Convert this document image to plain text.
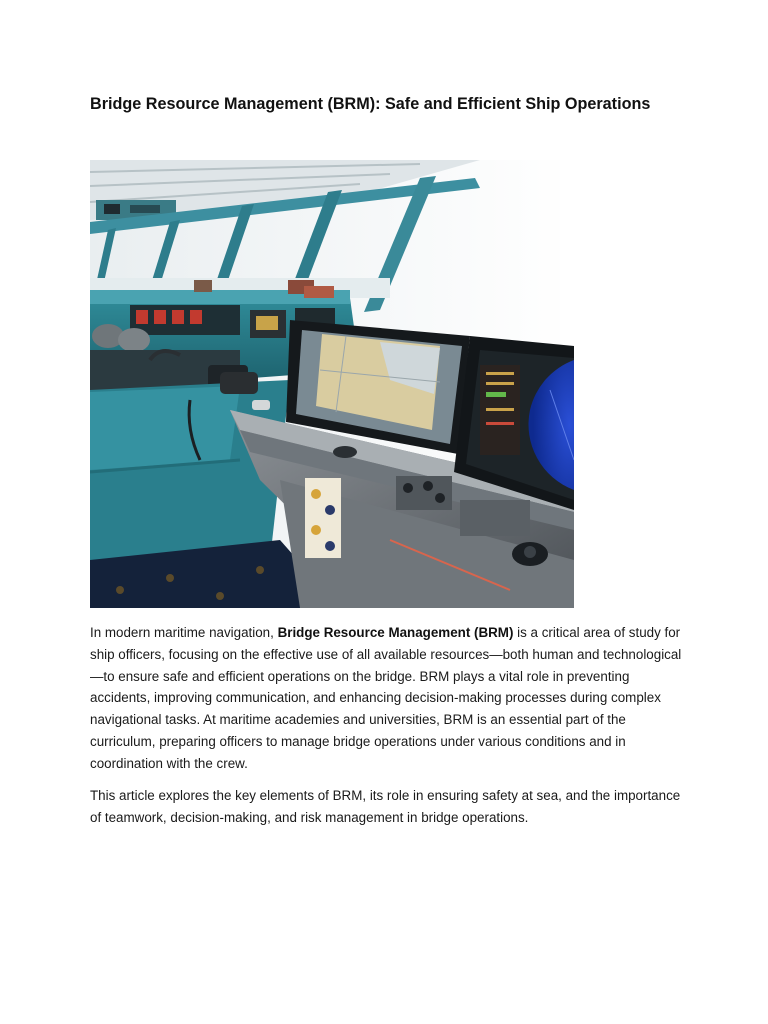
Bridge Resource Management (BRM): Safe and Efficient Ship Operations

In modern maritime navigation, Bridge Resource Management (BRM) is a critical area of study for ship officers, focusing on the effective use of all available resources—both human and technological—to ensure safe and efficient operations on the bridge. BRM plays a vital role in preventing accidents, improving communication, and enhancing decision-making processes during complex navigational tasks. At maritime academies and universities, BRM is an essential part of the curriculum, preparing officers to manage bridge operations under various conditions and in coordination with the crew.

This article explores the key elements of BRM, its role in ensuring safety at sea, and the importance of teamwork, decision-making, and risk management in bridge operations.
